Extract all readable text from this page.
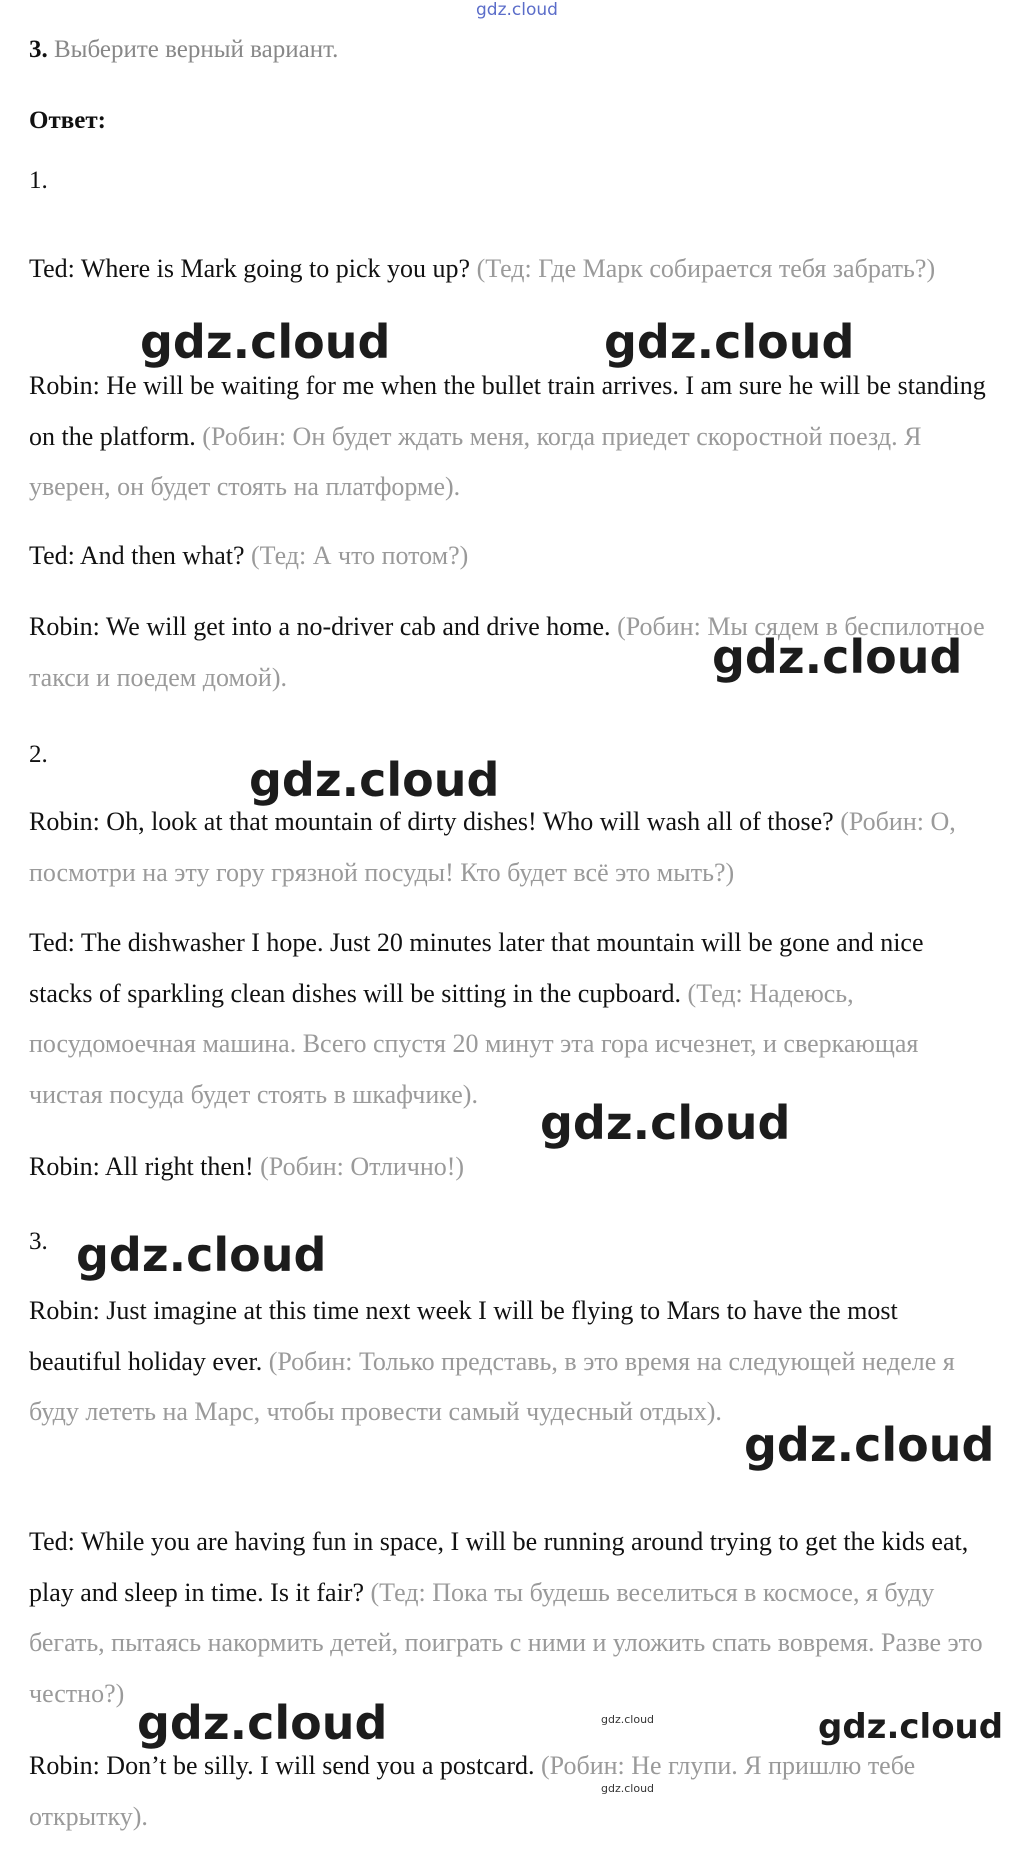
gdz.cloud
3. Выберите верный вариант.
Ответ:
1.
Ted: Where is Mark going to pick you up? (Тед: Где Марк собирается тебя забрать?)
Robin: He will be waiting for me when the bullet train arrives. I am sure he will be standing on the platform. (Робин: Он будет ждать меня, когда приедет скоростной поезд. Я уверен, он будет стоять на платформе).
Ted: And then what? (Тед: А что потом?)
Robin: We will get into a no-driver cab and drive home. (Робин: Мы сядем в беспилотное такси и поедем домой).
2.
Robin: Oh, look at that mountain of dirty dishes! Who will wash all of those? (Робин: О, посмотри на эту гору грязной посуды! Кто будет всё это мыть?)
Ted: The dishwasher I hope. Just 20 minutes later that mountain will be gone and nice stacks of sparkling clean dishes will be sitting in the cupboard. (Тед: Надеюсь, посудомоечная машина. Всего спустя 20 минут эта гора исчезнет, и сверкающая чистая посуда будет стоять в шкафчике).
Robin: All right then! (Робин: Отлично!)
3.
Robin: Just imagine at this time next week I will be flying to Mars to have the most beautiful holiday ever. (Робин: Только представь, в это время на следующей неделе я буду лететь на Марс, чтобы провести самый чудесный отдых).
Ted: While you are having fun in space, I will be running around trying to get the kids eat, play and sleep in time. Is it fair? (Тед: Пока ты будешь веселиться в космосе, я буду бегать, пытаясь накормить детей, поиграть с ними и уложить спать вовремя. Разве это честно?)
Robin: Don’t be silly. I will send you a postcard. (Робин: Не глупи. Я пришлю тебе открытку).
gdz.cloud	gdz.cloud
gdz.cloud
gdz.cloud
gdz.cloud
gdz.cloud
gdz.cloud
gdz.cloud	gdz.cloud
gdz.cloud
gdz.cloud
